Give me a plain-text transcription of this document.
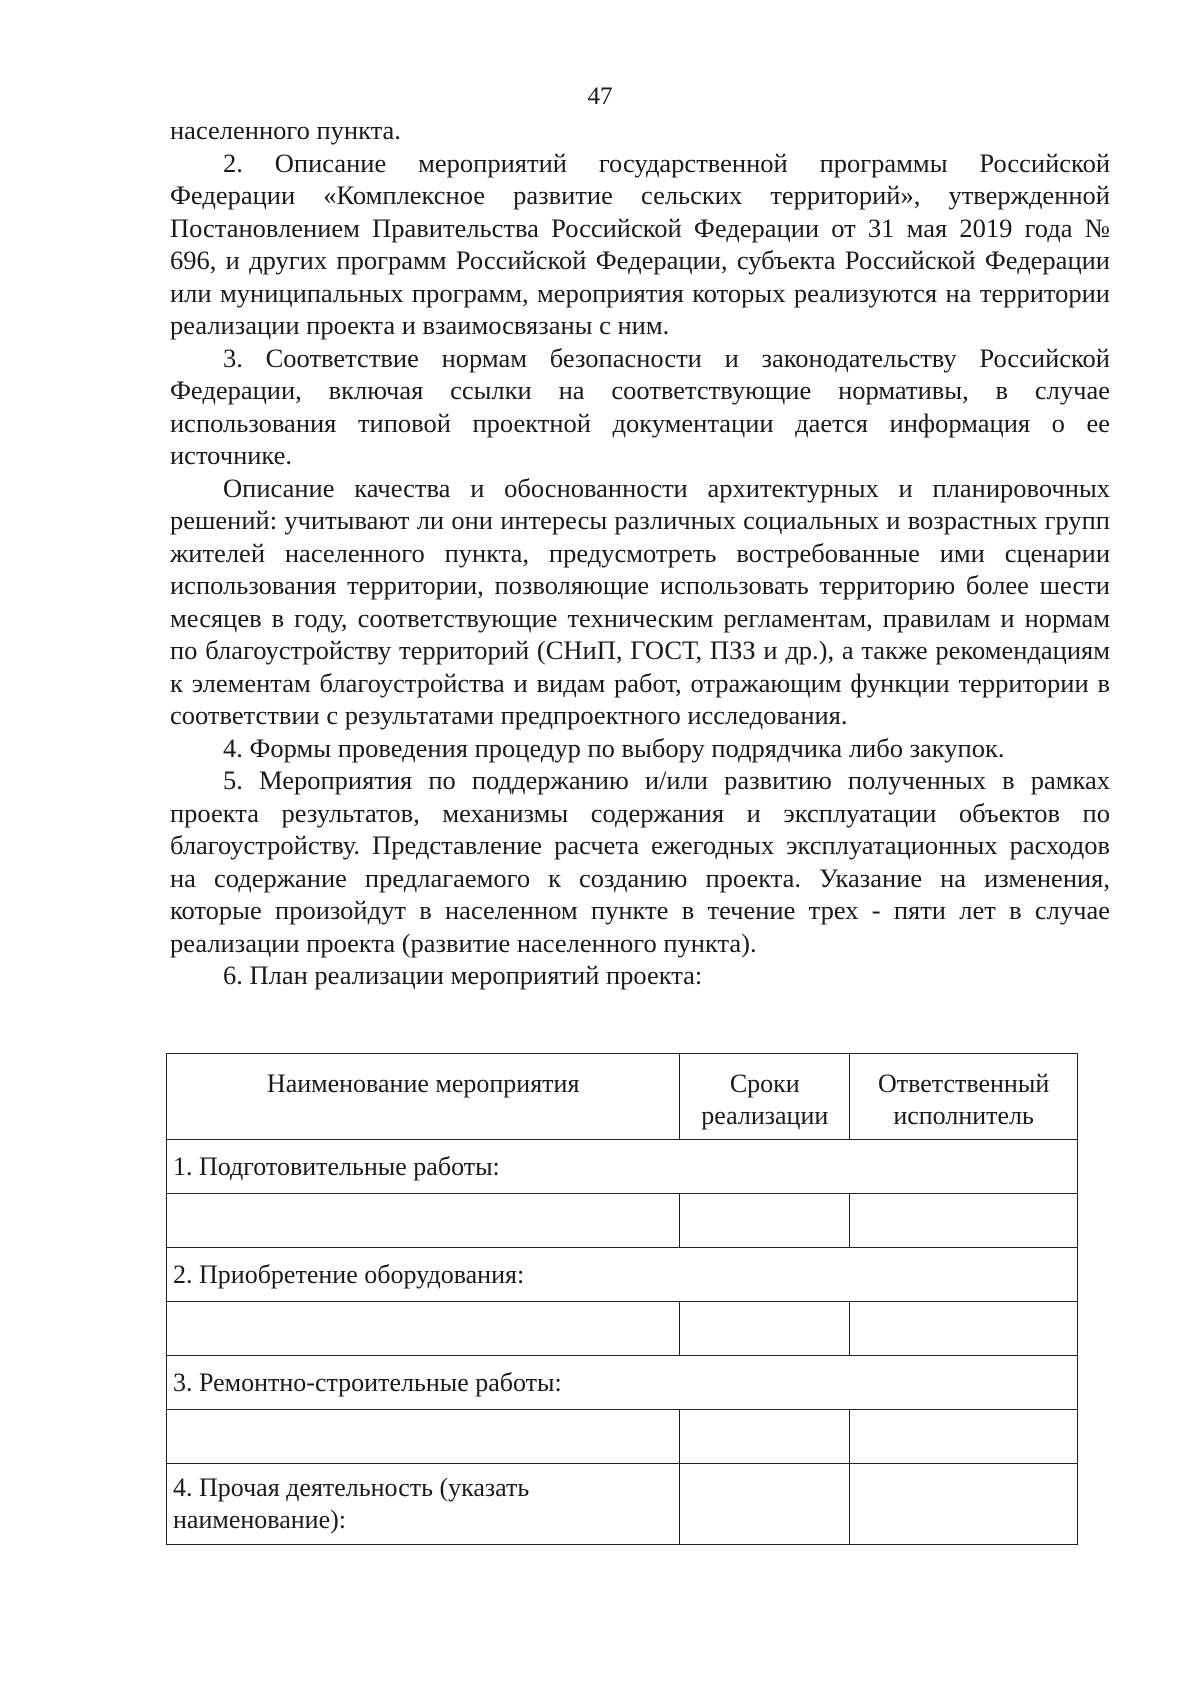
47

населенного пункта.

2. Описание мероприятий государственной программы Российской Федерации «Комплексное развитие сельских территорий», утвержденной Постановлением Правительства Российской Федерации от 31 мая 2019 года № 696, и других программ Российской Федерации, субъекта Российской Федерации или муниципальных программ, мероприятия которых реализуются на территории реализации проекта и взаимосвязаны с ним.

3. Соответствие нормам безопасности и законодательству Российской Федерации, включая ссылки на соответствующие нормативы, в случае использования типовой проектной документации дается информация о ее источнике.

Описание качества и обоснованности архитектурных и планировочных решений: учитывают ли они интересы различных социальных и возрастных групп жителей населенного пункта, предусмотреть востребованные ими сценарии использования территории, позволяющие использовать территорию более шести месяцев в году, соответствующие техническим регламентам, правилам и нормам по благоустройству территорий (СНиП, ГОСТ, ПЗЗ и др.), а также рекомендациям к элементам благоустройства и видам работ, отражающим функции территории в соответствии с результатами предпроектного исследования.

4. Формы проведения процедур по выбору подрядчика либо закупок.

5. Мероприятия по поддержанию и/или развитию полученных в рамках проекта результатов, механизмы содержания и эксплуатации объектов по благоустройству. Представление расчета ежегодных эксплуатационных расходов на содержание предлагаемого к созданию проекта. Указание на изменения, которые произойдут в населенном пункте в течение трех - пяти лет в случае реализации проекта (развитие населенного пункта).

6. План реализации мероприятий проекта:

Наименование мероприятия	Сроки реализации	Ответственный исполнитель
1. Подготовительные работы:		

2. Приобретение оборудования:		

3. Ремонтно-строительные работы:		

4. Прочая деятельность (указать наименование):		
